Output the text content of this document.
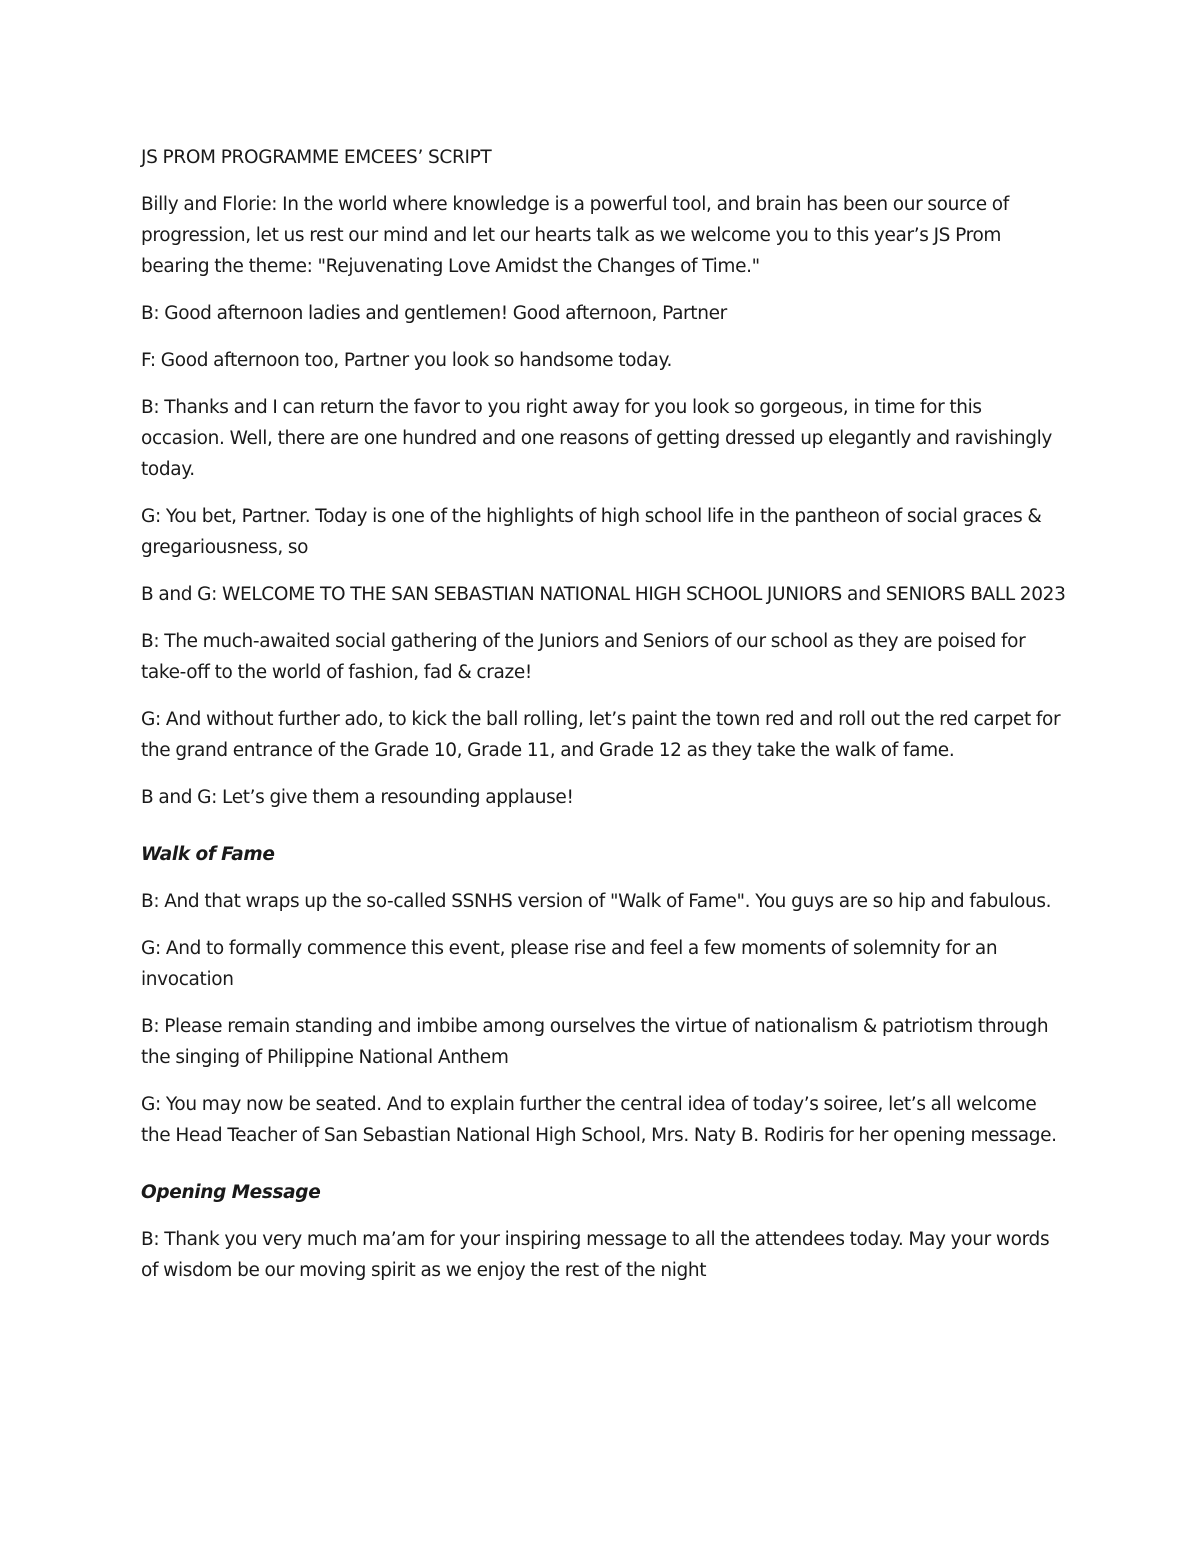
JS PROM PROGRAMME EMCEES’ SCRIPT

Billy and Florie: In the world where knowledge is a powerful tool, and brain has been our source of progression, let us rest our mind and let our hearts talk as we welcome you to this year’s JS Prom bearing the theme: "Rejuvenating Love Amidst the Changes of Time."

B: Good afternoon ladies and gentlemen! Good afternoon, Partner

F: Good afternoon too, Partner you look so handsome today.

B: Thanks and I can return the favor to you right away for you look so gorgeous, in time for this occasion. Well, there are one hundred and one reasons of getting dressed up elegantly and ravishingly today.

G: You bet, Partner. Today is one of the highlights of high school life in the pantheon of social graces & gregariousness, so

B and G: WELCOME TO THE SAN SEBASTIAN NATIONAL HIGH SCHOOL JUNIORS and SENIORS BALL 2023

B: The much-awaited social gathering of the Juniors and Seniors of our school as they are poised for take-off to the world of fashion, fad & craze!

G: And without further ado, to kick the ball rolling, let’s paint the town red and roll out the red carpet for the grand entrance of the Grade 10, Grade 11, and Grade 12 as they take the walk of fame.

B and G: Let’s give them a resounding applause!

Walk of Fame

B: And that wraps up the so-called SSNHS version of "Walk of Fame". You guys are so hip and fabulous.

G: And to formally commence this event, please rise and feel a few moments of solemnity for an invocation

B: Please remain standing and imbibe among ourselves the virtue of nationalism & patriotism through the singing of Philippine National Anthem

G: You may now be seated. And to explain further the central idea of today’s soiree, let’s all welcome the Head Teacher of San Sebastian National High School, Mrs. Naty B. Rodiris for her opening message.

Opening Message

B: Thank you very much ma’am for your inspiring message to all the attendees today. May your words of wisdom be our moving spirit as we enjoy the rest of the night
